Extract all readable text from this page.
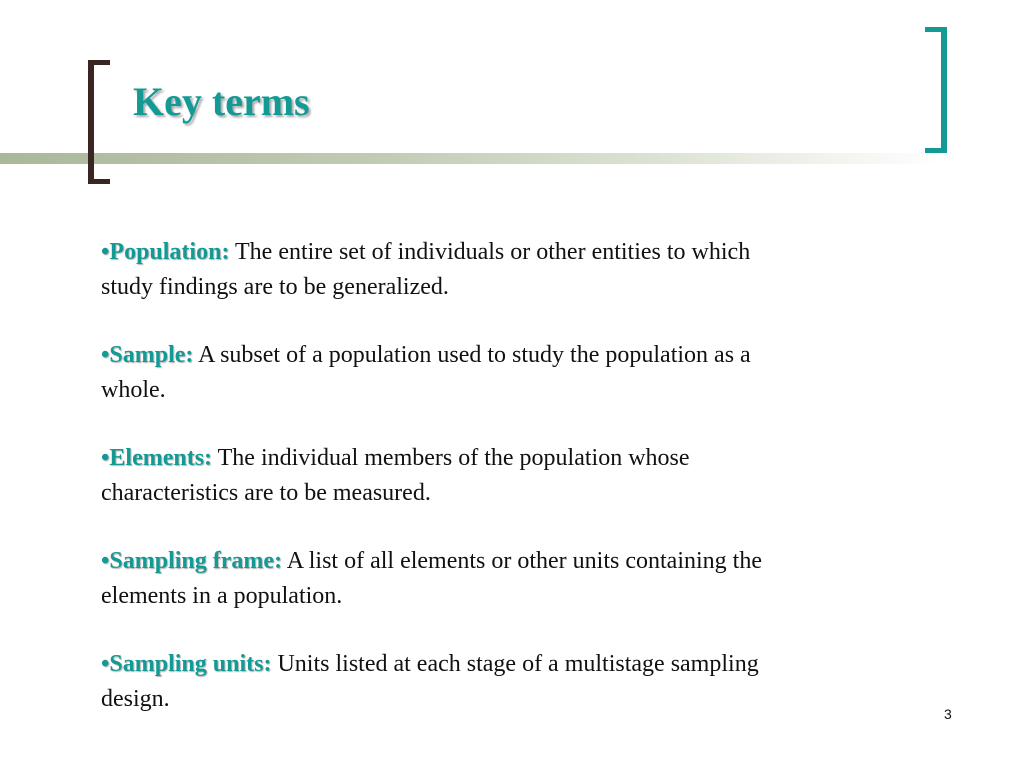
Key terms

•Population: The entire set of individuals or other entities to which study findings are to be generalized.

•Sample: A subset of a population used to study the population as a whole.

•Elements: The individual members of the population whose characteristics are to be measured.

•Sampling frame: A list of all elements or other units containing the elements in a population.

•Sampling units: Units listed at each stage of a multistage sampling design.

3
